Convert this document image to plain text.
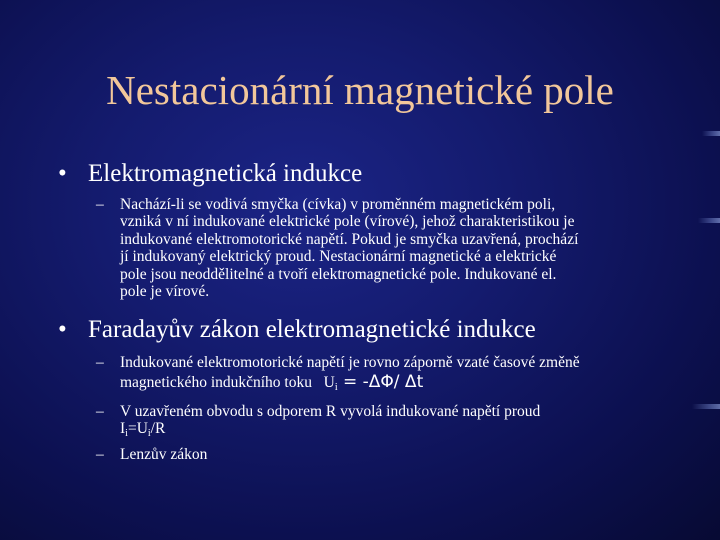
Nestacionární magnetické pole
• Elektromagnetická indukce
– Nachází-li se vodivá smyčka (cívka) v proměnném magnetickém poli,
vzniká v ní indukované elektrické pole (vírové), jehož charakteristikou je
indukované elektromotorické napětí. Pokud je smyčka uzavřená, prochází
jí indukovaný elektrický proud. Nestacionární magnetické a elektrické
pole jsou neoddělitelné a tvoří elektromagnetické pole. Indukované el.
pole je vírové.
• Faradayův zákon elektromagnetické indukce
– Indukované elektromotorické napětí je rovno záporně vzaté časové změně
magnetického indukčního toku $U_i = -\Delta\Phi/$ Δt
– V uzavřeném obvodu s odporem R vyvolá indukované napětí proud
$I_i=U_i/R$
– Lenzův zákon
